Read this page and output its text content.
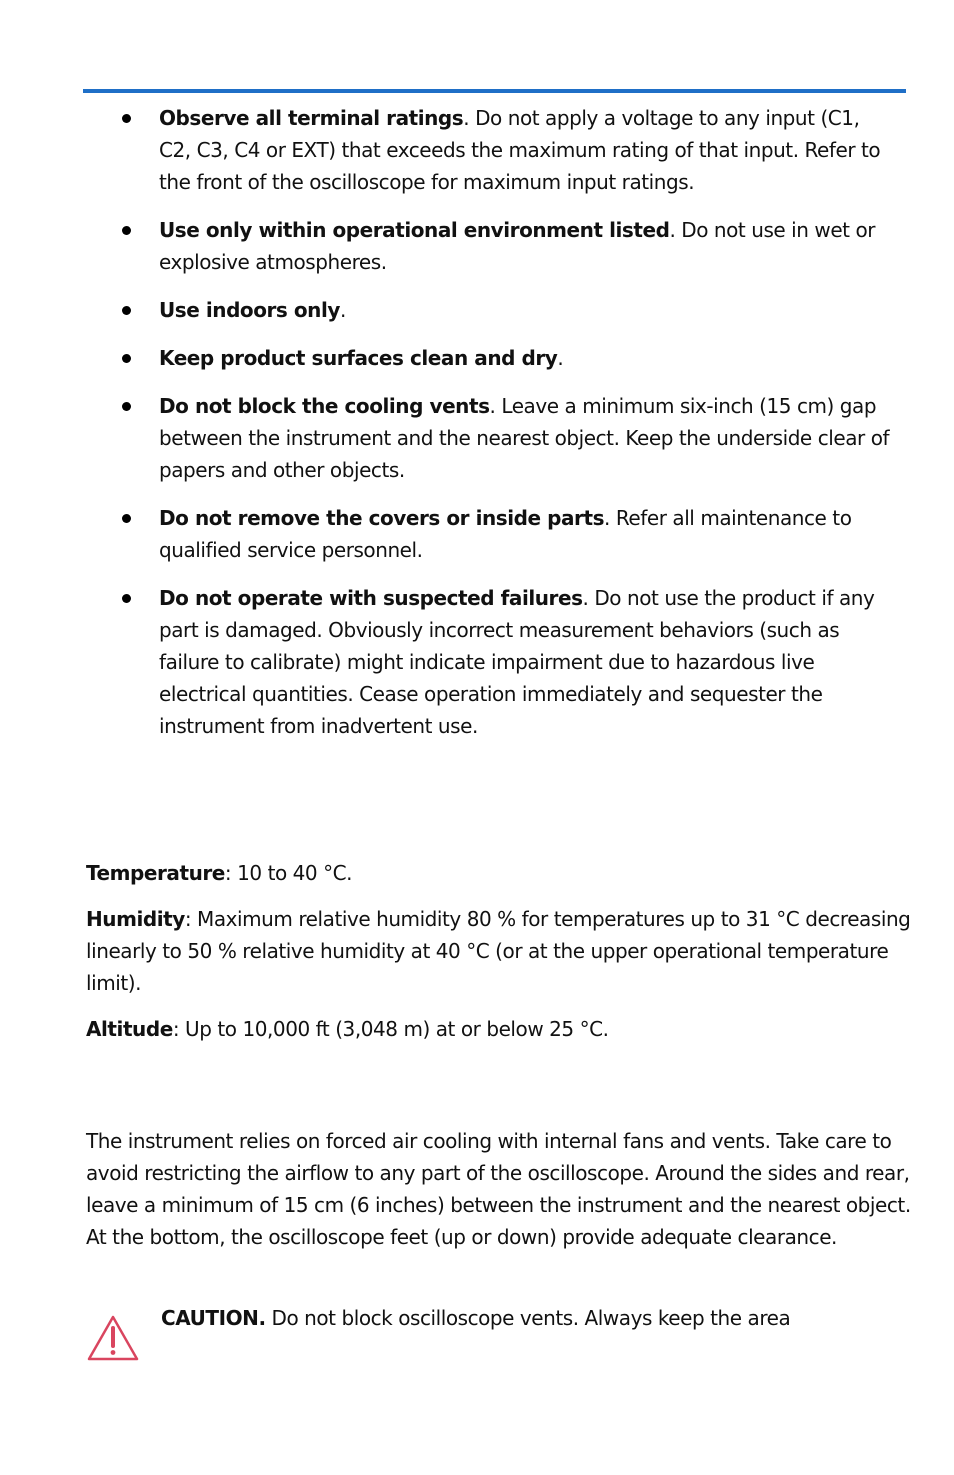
Observe all terminal ratings. Do not apply a voltage to any input (C1, C2, C3, C4 or EXT) that exceeds the maximum rating of that input. Refer to the front of the oscilloscope for maximum input ratings.
Use only within operational environment listed. Do not use in wet or explosive atmospheres.
Use indoors only.
Keep product surfaces clean and dry.
Do not block the cooling vents. Leave a minimum six-inch (15 cm) gap between the instrument and the nearest object. Keep the underside clear of papers and other objects.
Do not remove the covers or inside parts. Refer all maintenance to qualified service personnel.
Do not operate with suspected failures. Do not use the product if any part is damaged. Obviously incorrect measurement behaviors (such as failure to calibrate) might indicate impairment due to hazardous live electrical quantities. Cease operation immediately and sequester the instrument from inadvertent use.

Temperature: 10 to 40 °C.

Humidity: Maximum relative humidity 80 % for temperatures up to 31 °C decreasing linearly to 50 % relative humidity at 40 °C (or at the upper operational temperature limit).

Altitude: Up to 10,000 ft (3,048 m) at or below 25 °C.

The instrument relies on forced air cooling with internal fans and vents. Take care to avoid restricting the airflow to any part of the oscilloscope. Around the sides and rear, leave a minimum of 15 cm (6 inches) between the instrument and the nearest object. At the bottom, the oscilloscope feet (up or down) provide adequate clearance.

CAUTION. Do not block oscilloscope vents. Always keep the area
